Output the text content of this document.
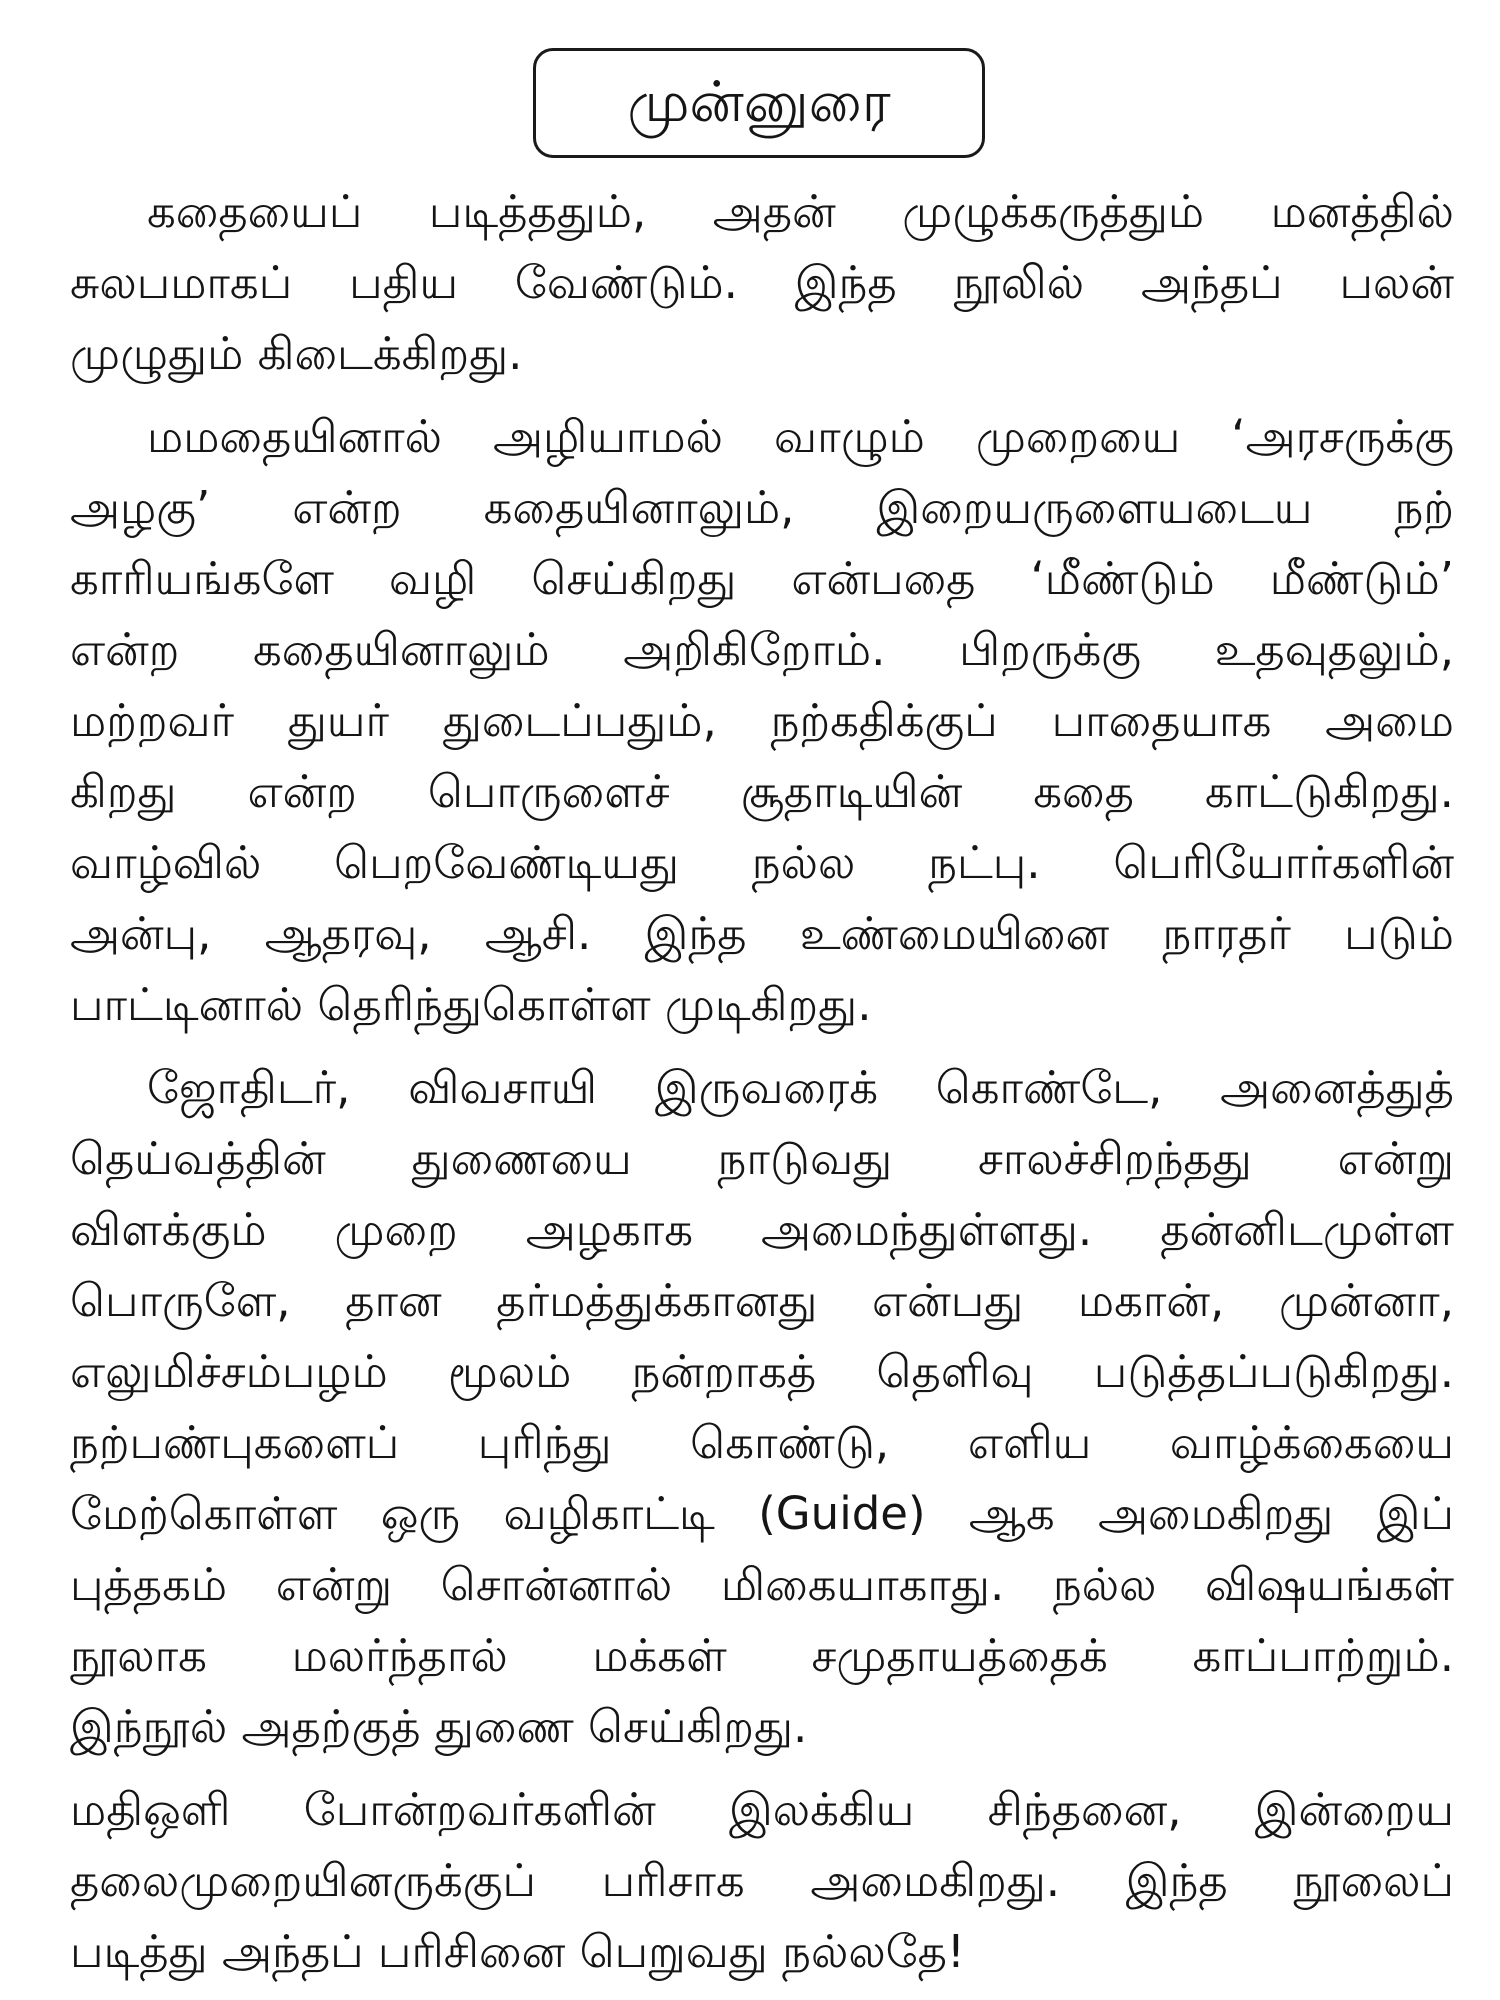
முன்னுரை
கதையைப் படித்ததும், அதன் முழுக்கருத்தும் மனத்தில்
சுலபமாகப் பதிய வேண்டும். இந்த நூலில் அந்தப் பலன்
முழுதும் கிடைக்கிறது.
மமதையினால் அழியாமல் வாழும் முறையை ‘அரசருக்கு
அழகு’ என்ற கதையினாலும், இறையருளையடைய நற்
காரியங்களே வழி செய்கிறது என்பதை ‘மீண்டும் மீண்டும்’
என்ற கதையினாலும் அறிகிறோம். பிறருக்கு உதவுதலும்,
மற்றவர் துயர் துடைப்பதும், நற்கதிக்குப் பாதையாக அமை
கிறது என்ற பொருளைச் சூதாடியின் கதை காட்டுகிறது.
வாழ்வில் பெறவேண்டியது நல்ல நட்பு. பெரியோர்களின்
அன்பு, ஆதரவு, ஆசி. இந்த உண்மையினை நாரதர் படும்
பாட்டினால் தெரிந்துகொள்ள முடிகிறது.
ஜோதிடர், விவசாயி இருவரைக் கொண்டே, அனைத்துத்
தெய்வத்தின் துணையை நாடுவது சாலச்சிறந்தது என்று
விளக்கும் முறை அழகாக அமைந்துள்ளது. தன்னிடமுள்ள
பொருளே, தான தர்மத்துக்கானது என்பது மகான், முன்னா,
எலுமிச்சம்பழம் மூலம் நன்றாகத் தெளிவு படுத்தப்படுகிறது.
நற்பண்புகளைப் புரிந்து கொண்டு, எளிய வாழ்க்கையை
மேற்கொள்ள ஒரு வழிகாட்டி (Guide) ஆக அமைகிறது இப்
புத்தகம் என்று சொன்னால் மிகையாகாது. நல்ல விஷயங்கள்
நூலாக மலர்ந்தால் மக்கள் சமுதாயத்தைக் காப்பாற்றும்.
இந்நூல் அதற்குத் துணை செய்கிறது.
மதிஒளி போன்றவர்களின் இலக்கிய சிந்தனை, இன்றைய
தலைமுறையினருக்குப் பரிசாக அமைகிறது. இந்த நூலைப்
படித்து அந்தப் பரிசினை பெறுவது நல்லதே!
